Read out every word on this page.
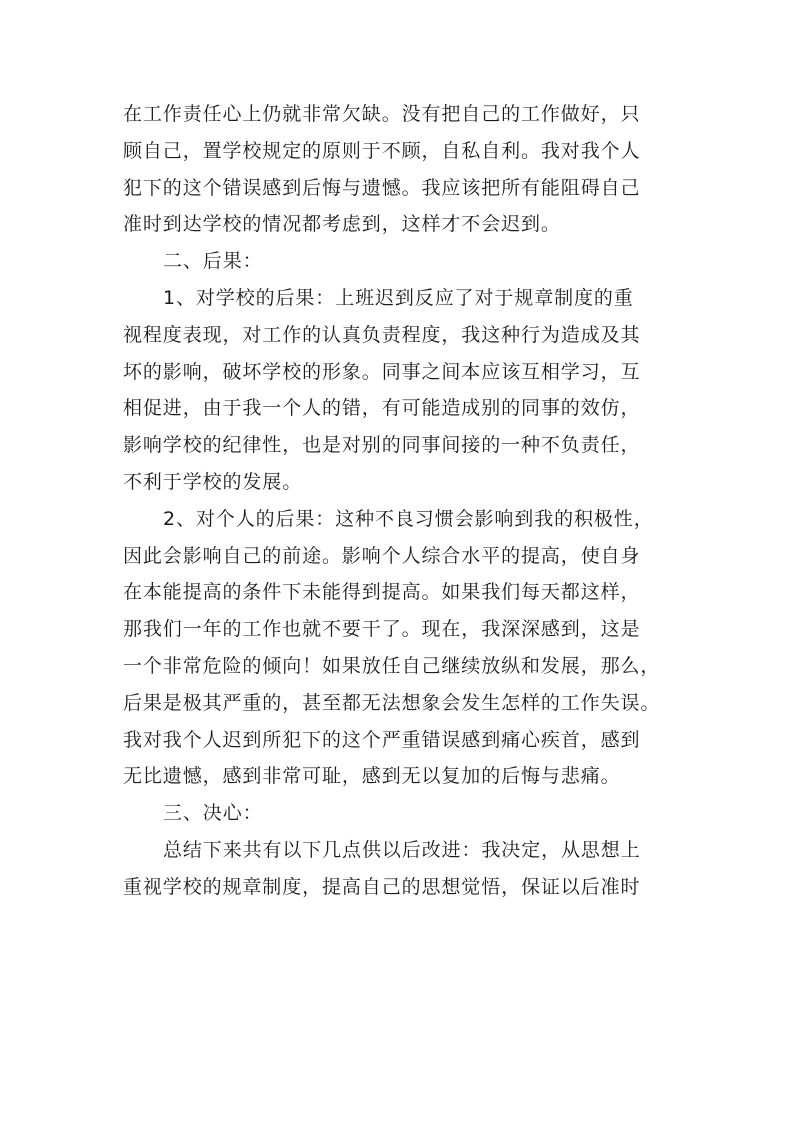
在工作责任心上仍就非常欠缺。没有把自己的工作做好，只
顾自己，置学校规定的原则于不顾，自私自利。我对我个人
犯下的这个错误感到后悔与遗憾。我应该把所有能阻碍自己
准时到达学校的情况都考虑到，这样才不会迟到。
二、后果：
1、对学校的后果：上班迟到反应了对于规章制度的重
视程度表现，对工作的认真负责程度，我这种行为造成及其
坏的影响，破坏学校的形象。同事之间本应该互相学习，互
相促进，由于我一个人的错，有可能造成别的同事的效仿，
影响学校的纪律性，也是对别的同事间接的一种不负责任，
不利于学校的发展。
2、对个人的后果：这种不良习惯会影响到我的积极性，
因此会影响自己的前途。影响个人综合水平的提高，使自身
在本能提高的条件下未能得到提高。如果我们每天都这样，
那我们一年的工作也就不要干了。现在，我深深感到，这是
一个非常危险的倾向！如果放任自己继续放纵和发展，那么，
后果是极其严重的，甚至都无法想象会发生怎样的工作失误。
我对我个人迟到所犯下的这个严重错误感到痛心疾首，感到
无比遗憾，感到非常可耻，感到无以复加的后悔与悲痛。
三、决心：
总结下来共有以下几点供以后改进：我决定，从思想上
重视学校的规章制度，提高自己的思想觉悟，保证以后准时
